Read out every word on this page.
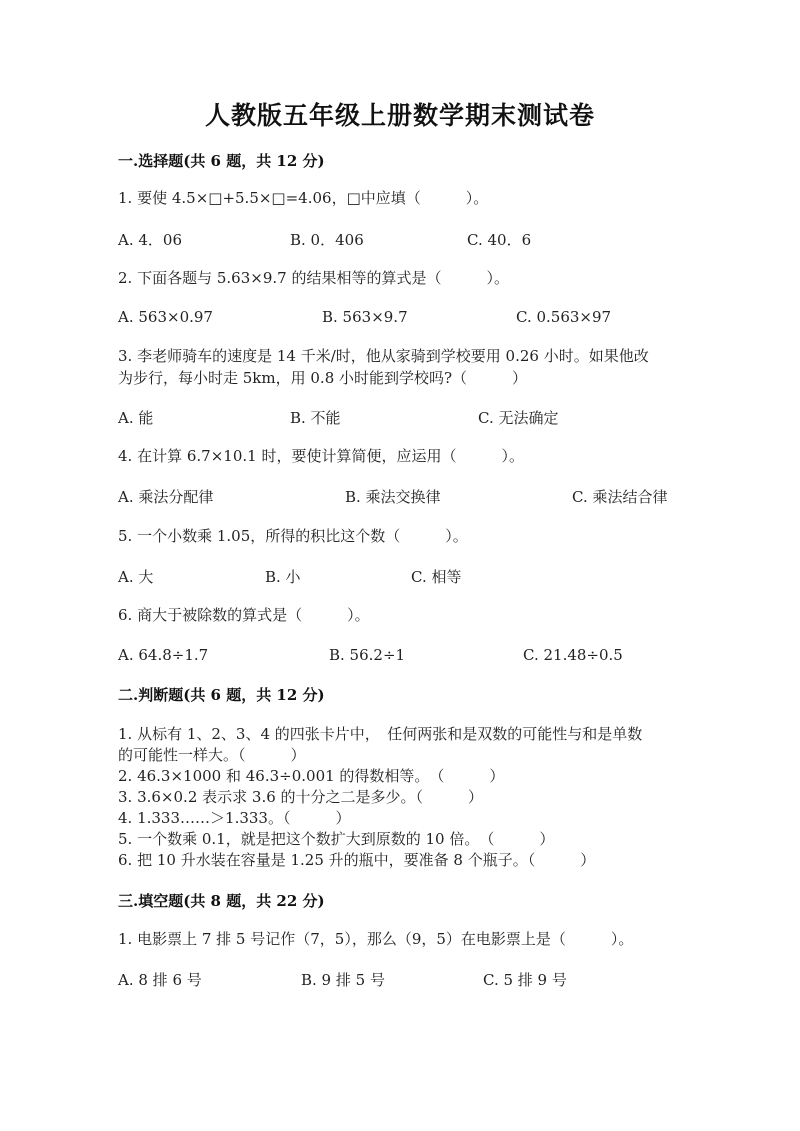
人教版五年级上册数学期末测试卷
一.选择题(共 6 题，共 12 分)
1. 要使 4.5×□+5.5×□=4.06，□中应填（　　　）。
A. 4．06	B. 0．406	C. 40．6
2. 下面各题与 5.63×9.7 的结果相等的算式是（　　　）。
A. 563×0.97	B. 563×9.7	C. 0.563×97
3. 李老师骑车的速度是 14 千米/时，他从家骑到学校要用 0.26 小时。如果他改
为步行，每小时走 5km，用 0.8 小时能到学校吗?（　　　）
A. 能	B. 不能	C. 无法确定
4. 在计算 6.7×10.1 时，要使计算简便，应运用（　　　）。
A. 乘法分配律	B. 乘法交换律	C. 乘法结合律
5. 一个小数乘 1.05，所得的积比这个数（　　　）。
A. 大	B. 小	C. 相等
6. 商大于被除数的算式是（　　　）。
A. 64.8÷1.7	B. 56.2÷1	C. 21.48÷0.5
二.判断题(共 6 题，共 12 分)
1. 从标有 1、2、3、4 的四张卡片中，　任何两张和是双数的可能性与和是单数
的可能性一样大。（　　　）
2. 46.3×1000 和 46.3÷0.001 的得数相等。　（　　　）
3. 3.6×0.2 表示求 3.6 的十分之二是多少。（　　　）
4. 1.333……＞1.333。（　　　）
5. 一个数乘 0.1，就是把这个数扩大到原数的 10 倍。　（　　　）
6. 把 10 升水装在容量是 1.25 升的瓶中，要准备 8 个瓶子。（　　　）
三.填空题(共 8 题，共 22 分)
1. 电影票上 7 排 5 号记作（7，5），那么（9，5）在电影票上是（　　　）。
A. 8 排 6 号	B. 9 排 5 号	C. 5 排 9 号
